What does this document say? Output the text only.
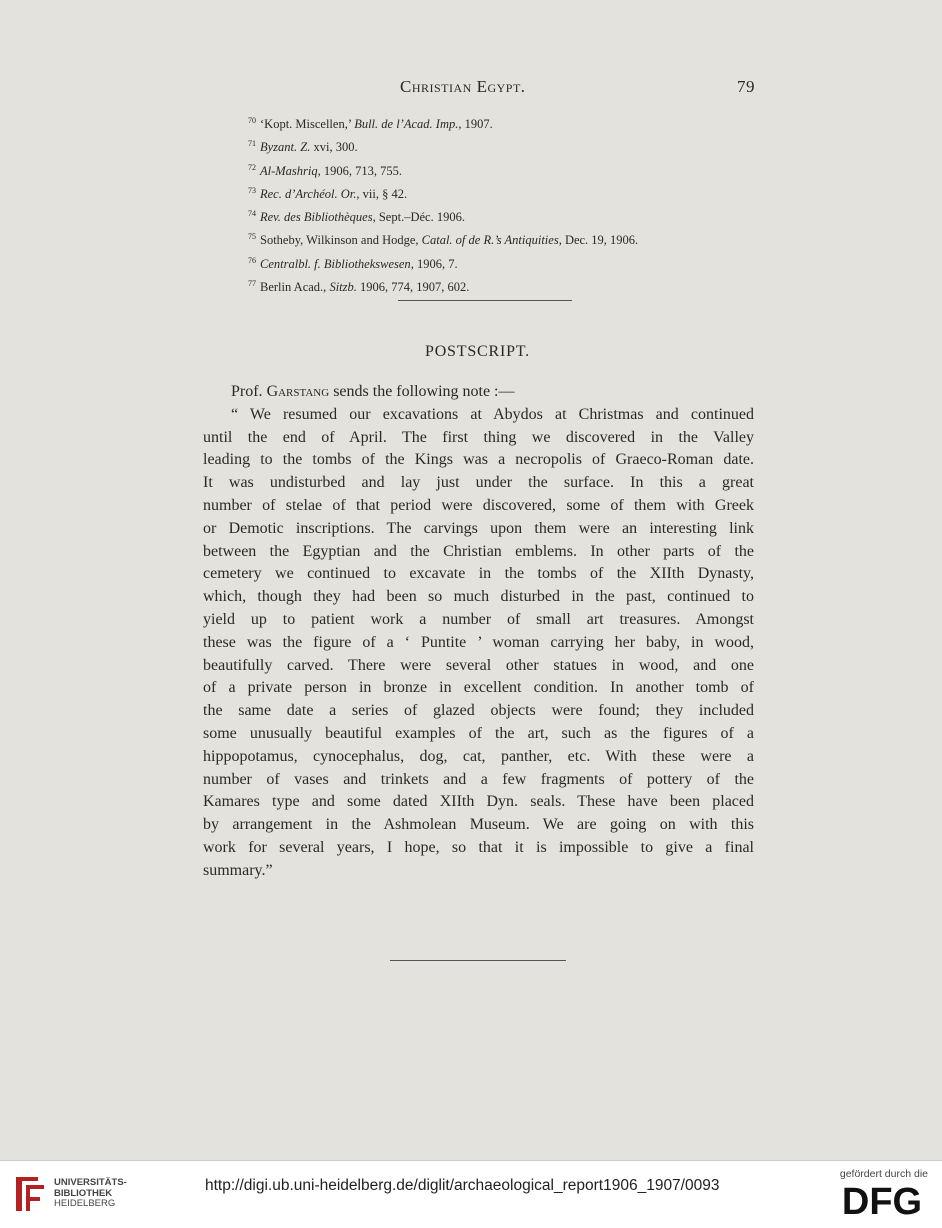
Christian Egypt.	79
$^{70}$ ‘Kopt. Miscellen,’ Bull. de l’Acad. Imp., 1907.
$^{71}$ Byzant. Z. xvi, 300.
$^{72}$ Al-Mashriq, 1906, 713, 755.
$^{73}$ Rec. d’Archéol. Or., vii, § 42.
$^{74}$ Rev. des Bibliothèques, Sept.–Déc. 1906.
$^{75}$ Sotheby, Wilkinson and Hodge, Catal. of de R.’s Antiquities, Dec. 19, 1906.
$^{76}$ Centralbl. f. Bibliothekswesen, 1906, 7.
$^{77}$ Berlin Acad., Sitzb. 1906, 774, 1907, 602.
POSTSCRIPT.
Prof. Garstang sends the following note :—
“ We resumed our excavations at Abydos at Christmas and continued
until the end of April. The first thing we discovered in the Valley
leading to the tombs of the Kings was a necropolis of Graeco-Roman date.
It was undisturbed and lay just under the surface. In this a great
number of stelae of that period were discovered, some of them with Greek
or Demotic inscriptions. The carvings upon them were an interesting link
between the Egyptian and the Christian emblems. In other parts of the
cemetery we continued to excavate in the tombs of the XIIth Dynasty,
which, though they had been so much disturbed in the past, continued to
yield up to patient work a number of small art treasures. Amongst
these was the figure of a ‘ Puntite ’ woman carrying her baby, in wood,
beautifully carved. There were several other statues in wood, and one
of a private person in bronze in excellent condition. In another tomb of
the same date a series of glazed objects were found; they included
some unusually beautiful examples of the art, such as the figures of a
hippopotamus, cynocephalus, dog, cat, panther, etc. With these were a
number of vases and trinkets and a few fragments of pottery of the
Kamares type and some dated XIIth Dyn. seals. These have been placed
by arrangement in the Ashmolean Museum. We are going on with this
work for several years, I hope, so that it is impossible to give a final
summary.”
UNIVERSITÄTS-
BIBLIOTHEK
HEIDELBERG
http://digi.ub.uni-heidelberg.de/diglit/archaeological_report1906_1907/0093
gefördert durch die
DFG
